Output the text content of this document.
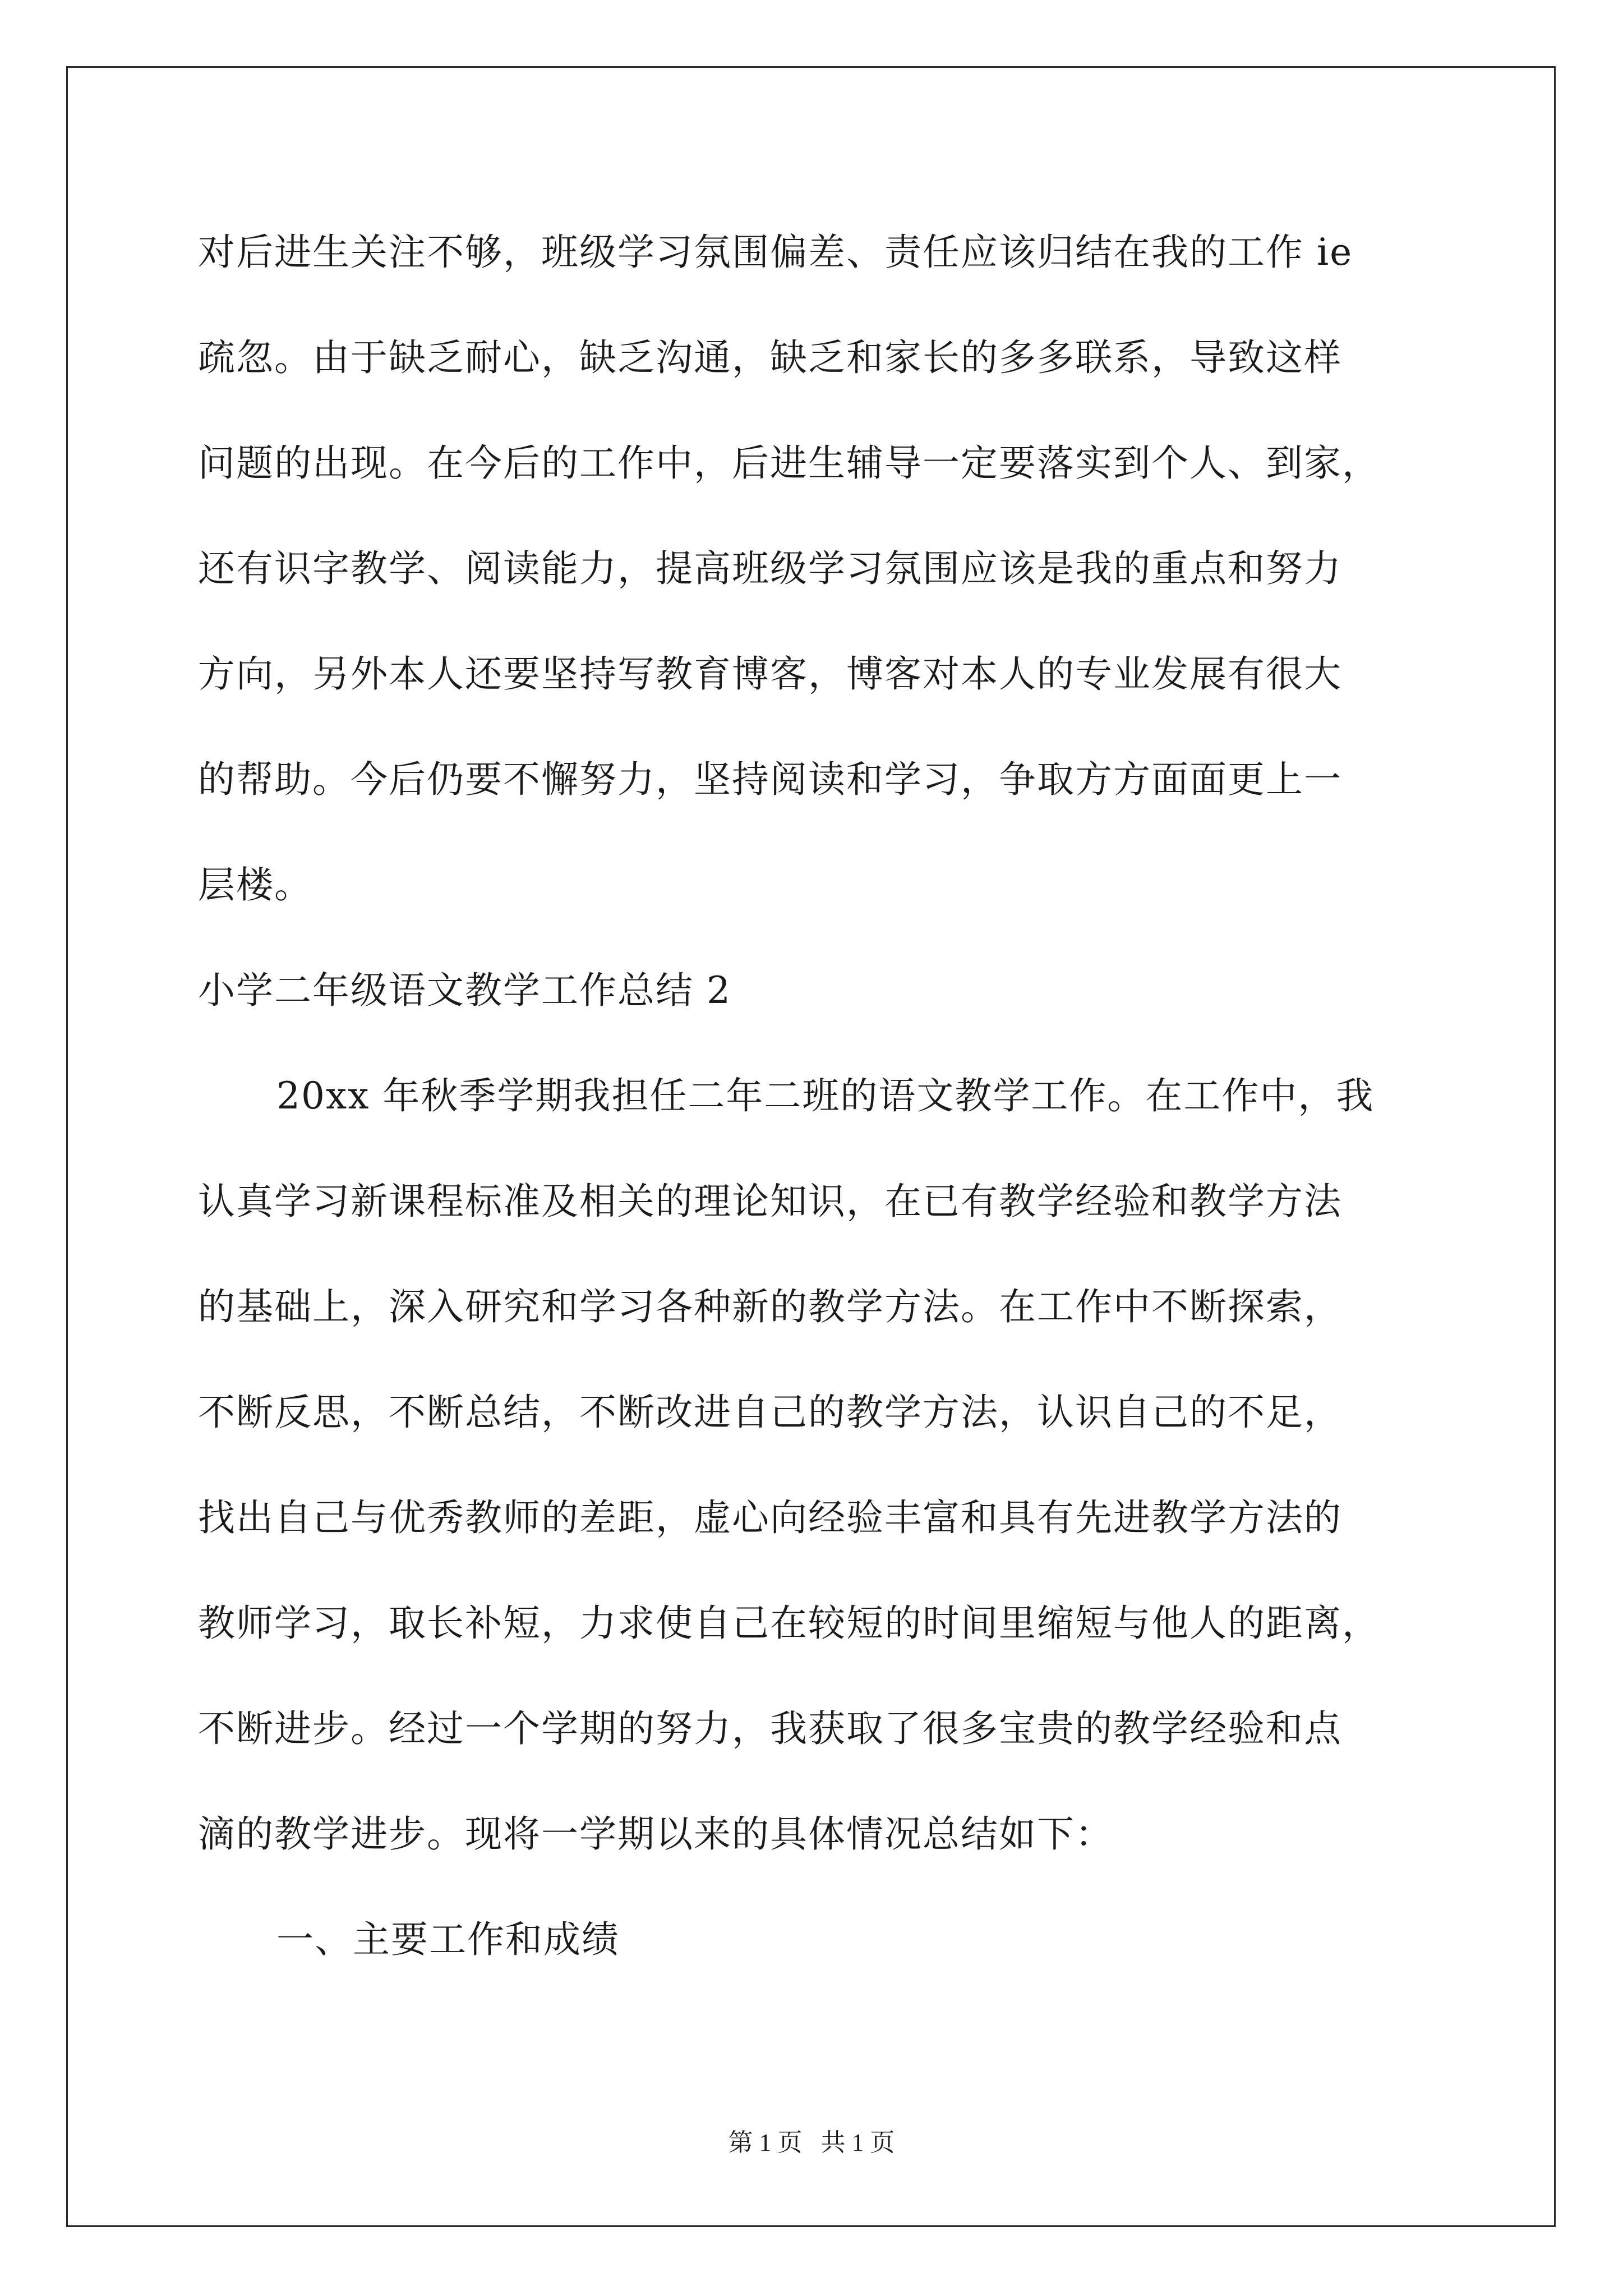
对后进生关注不够，班级学习氛围偏差、责任应该归结在我的工作 ie
疏忽。由于缺乏耐心，缺乏沟通，缺乏和家长的多多联系，导致这样
问题的出现。在今后的工作中，后进生辅导一定要落实到个人、到家，
还有识字教学、阅读能力，提高班级学习氛围应该是我的重点和努力
方向，另外本人还要坚持写教育博客，博客对本人的专业发展有很大
的帮助。今后仍要不懈努力，坚持阅读和学习，争取方方面面更上一
层楼。
小学二年级语文教学工作总结 2
20xx 年秋季学期我担任二年二班的语文教学工作。在工作中，我
认真学习新课程标准及相关的理论知识，在已有教学经验和教学方法
的基础上，深入研究和学习各种新的教学方法。在工作中不断探索，
不断反思，不断总结，不断改进自己的教学方法，认识自己的不足，
找出自己与优秀教师的差距，虚心向经验丰富和具有先进教学方法的
教师学习，取长补短，力求使自己在较短的时间里缩短与他人的距离，
不断进步。经过一个学期的努力，我获取了很多宝贵的教学经验和点
滴的教学进步。现将一学期以来的具体情况总结如下：
一、主要工作和成绩
第 1 页   共 1 页
